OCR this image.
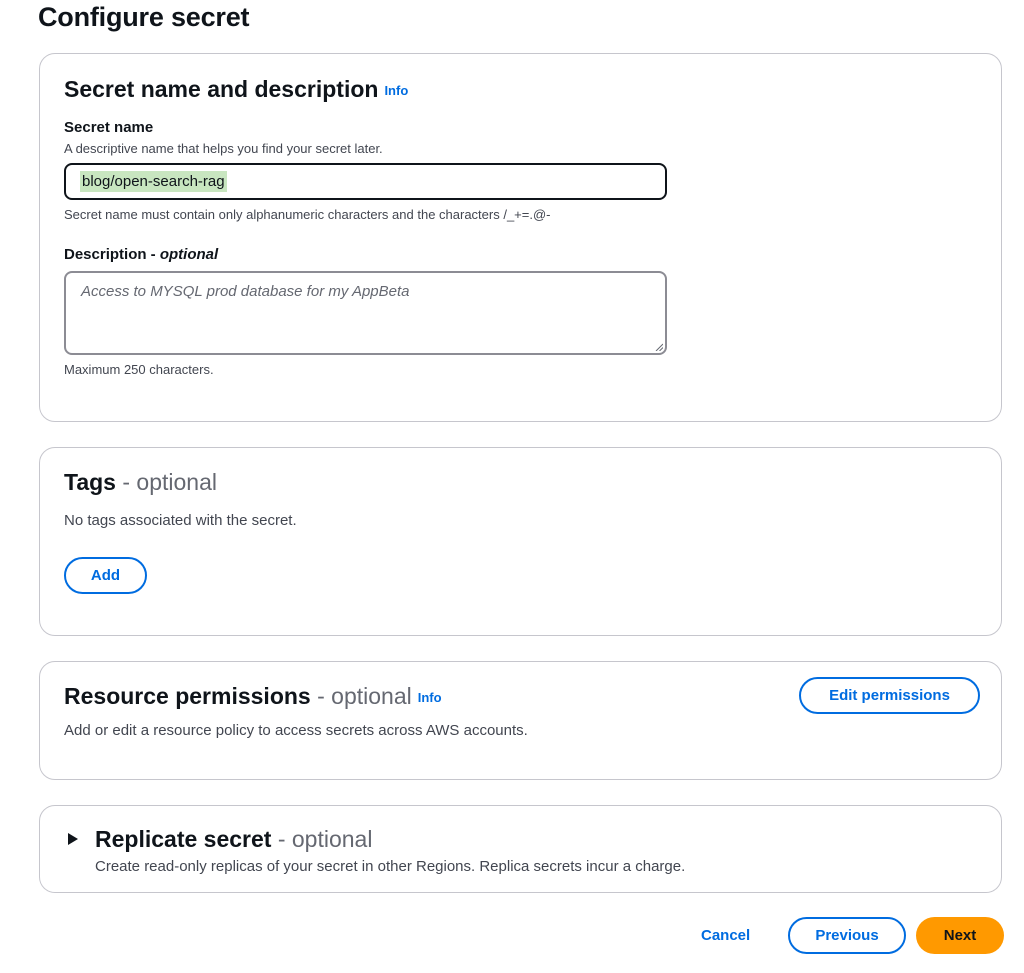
Configure secret
Secret name and description Info
Secret name
A descriptive name that helps you find your secret later.
blog/open-search-rag
Secret name must contain only alphanumeric characters and the characters /_+=.@-
Description - optional
Access to MYSQL prod database for my AppBeta
Maximum 250 characters.
Tags - optional
No tags associated with the secret.
Add
Resource permissions - optional Info
Add or edit a resource policy to access secrets across AWS accounts.
Edit permissions
Replicate secret - optional
Create read-only replicas of your secret in other Regions. Replica secrets incur a charge.
Cancel	Previous	Next
